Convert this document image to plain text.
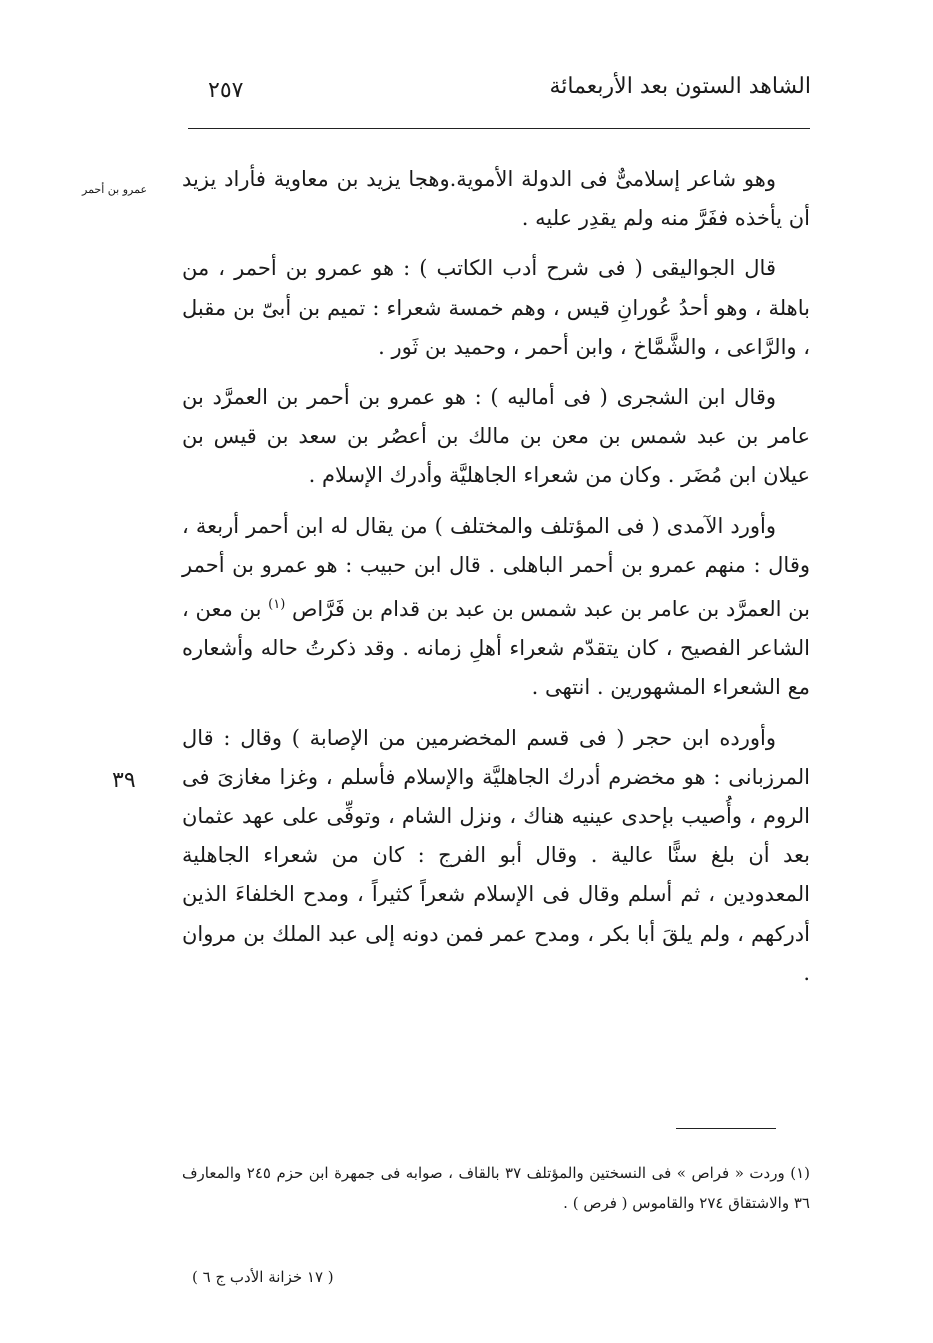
الشاهد الستون بعد الأربعمائة
٢٥٧
عمرو بن أحمر
٣٩

وهو شاعر إسلامىٌّ فى الدولة الأموية.وهجا يزيد بن معاوية فأراد يزيد أن يأخذه ففَرَّ منه ولم يقدِر عليه .

قال الجواليقى ( فى شرح أدب الكاتب ) : هو عمرو بن أحمر ، من باهلة ، وهو أحدُ عُورانِ قيس ، وهم خمسة شعراء : تميم بن أبىّ بن مقبل ، والرَّاعى ، والشَّمَّاخ ، وابن أحمر ، وحميد بن ثَور .

وقال ابن الشجرى ( فى أماليه ) : هو عمرو بن أحمر بن العمرَّد بن عامر بن عبد شمس بن معن بن مالك بن أعصُر بن سعد بن قيس بن عيلان ابن مُضَر . وكان من شعراء الجاهليَّة وأدرك الإسلام .

وأورد الآمدى ( فى المؤتلف والمختلف ) من يقال له ابن أحمر أربعة ، وقال : منهم عمرو بن أحمر الباهلى . قال ابن حبيب : هو عمرو بن أحمر بن العمرَّد بن عامر بن عبد شمس بن عبد بن قدام بن فَرَّاص $^{(١)}$ بن معن ، الشاعر الفصيح ، كان يتقدّم شعراء أهلِ زمانه . وقد ذكرتُ حاله وأشعاره مع الشعراء المشهورين . انتهى .

وأورده ابن حجر ( فى قسم المخضرمين من الإصابة ) وقال : قال المرزبانى : هو مخضرم أدرك الجاهليَّة والإسلام فأسلم ، وغزا مغازىَ فى الروم ، وأُصيب بإحدى عينيه هناك ، ونزل الشام ، وتوفِّى على عهد عثمان بعد أن بلغ سنًّا عالية . وقال أبو الفرج : كان من شعراء الجاهلية المعدودين ، ثم أسلم وقال فى الإسلام شعراً كثيراً ، ومدح الخلفاءَ الذين أدركهم ، ولم يلقَ أبا بكر ، ومدح عمر فمن دونه إلى عبد الملك بن مروان .

(١) وردت « فراص » فى النسختين والمؤتلف ٣٧ بالقاف ، صوابه فى جمهرة ابن حزم ٢٤٥ والمعارف ٣٦ والاشتقاق ٢٧٤ والقاموس ( فرص ) .
( ١٧ خزانة الأدب ج ٦ )
